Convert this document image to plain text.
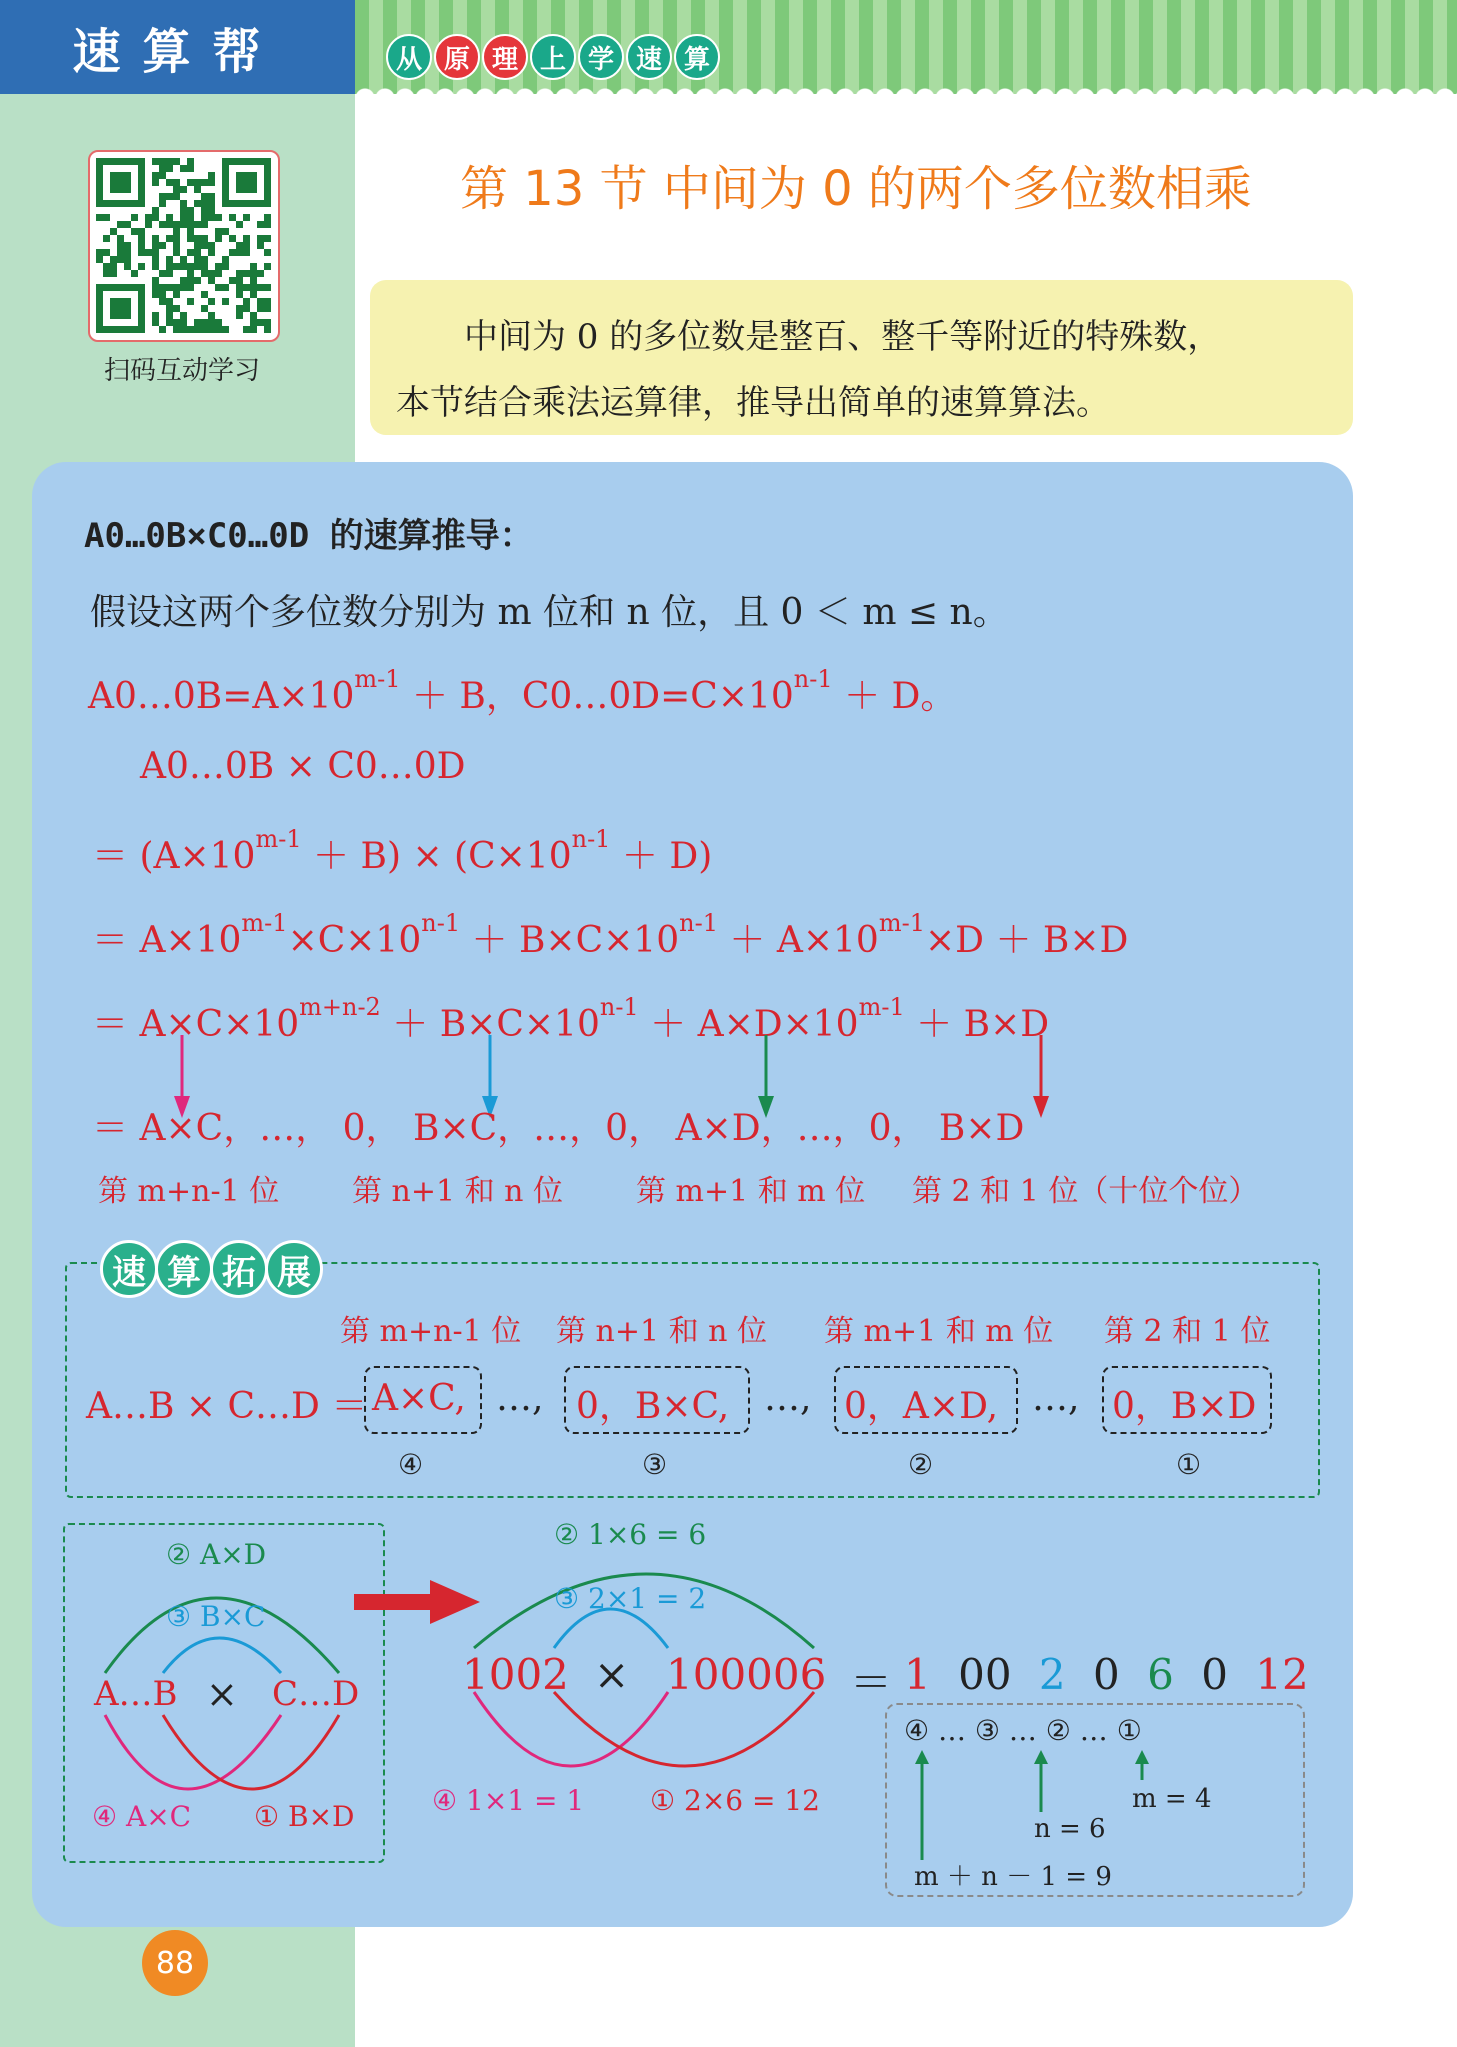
速算帮	从 原 理 上 学 速 算
扫码互动学习
第 13 节 中间为 0 的两个多位数相乘

中间为 0 的多位数是整百、整千等附近的特殊数，

本节结合乘法运算律，推导出简单的速算算法。

A0…0B×C0…0D 的速算推导：
假设这两个多位数分别为 m 位和 n 位，且 0 ＜ m ≤ n。
$A0\dots 0B=A\times 10^{m-1} + B$，$C0\dots 0D=C\times 10^{n-1} + D$。
A0…0B × C0…0D
＝ $(A\times 10^{m-1} + B) \times (C\times 10^{n-1} + D)$
＝ $A\times 10^{m-1}\times C\times 10^{n-1} + B\times C\times 10^{n-1} + A\times 10^{m-1}\times D + B\times D$
＝ $A\times C\times 10^{m+n-2} + B\times C\times 10^{n-1} + A\times D\times 10^{m-1} + B\times D$
＝ A×C，…， 0， B×C，…，0， A×D，…，0， B×D
第 m+n-1 位 第 n+1 和 n 位 第 m+1 和 m 位 第 2 和 1 位（十位个位）
速 算 拓 展
第 m+n-1 位 第 n+1 和 n 位 第 m+1 和 m 位 第 2 和 1 位
A…B × C…D ＝ A×C, …, 0，B×C, …, 0，A×D, …, 0，B×D
④	③	②	①
② A×D
③ B×C
A…B × C…D
④ A×C ① B×D
② 1×6 = 6
③ 2×1 = 2
1002 × 100006 ＝ 1 00 2 0 6 0 12
④ 1×1 = 1 ① 2×6 = 12
④ … ③ … ② … ①
m = 4
n = 6
m ＋ n － 1 = 9
88
